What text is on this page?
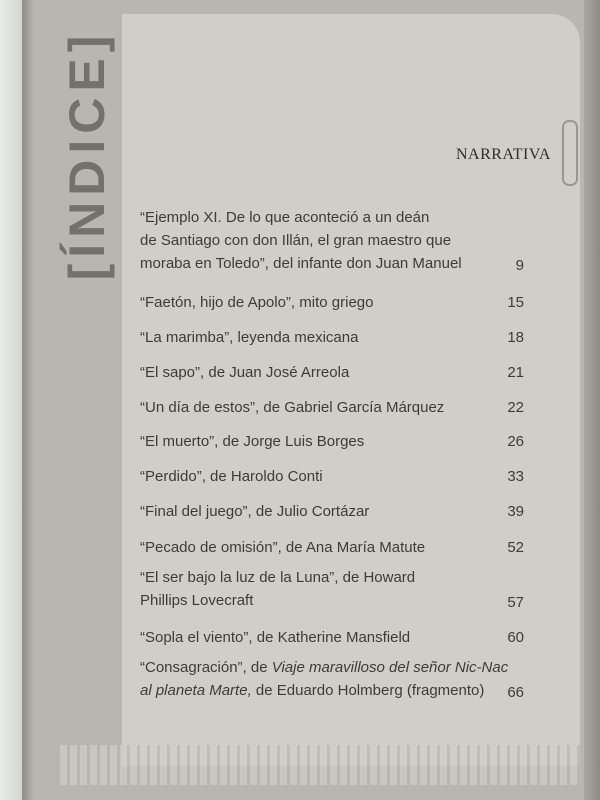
[ÍNDICE]	NARRATIVA
“Ejemplo XI. De lo que aconteció a un deán
de Santiago con don Illán, el gran maestro que
moraba en Toledo”, del infante don Juan Manuel	9
“Faetón, hijo de Apolo”, mito griego	15
“La marimba”, leyenda mexicana	18
“El sapo”, de Juan José Arreola	21
“Un día de estos”, de Gabriel García Márquez	22
“El muerto”, de Jorge Luis Borges	26
“Perdido”, de Haroldo Conti	33
“Final del juego”, de Julio Cortázar	39
“Pecado de omisión”, de Ana María Matute	52
“El ser bajo la luz de la Luna”, de Howard
Phillips Lovecraft	57
“Sopla el viento”, de Katherine Mansfield	60
“Consagración”, de Viaje maravilloso del señor Nic-Nac
al planeta Marte, de Eduardo Holmberg (fragmento)	66
